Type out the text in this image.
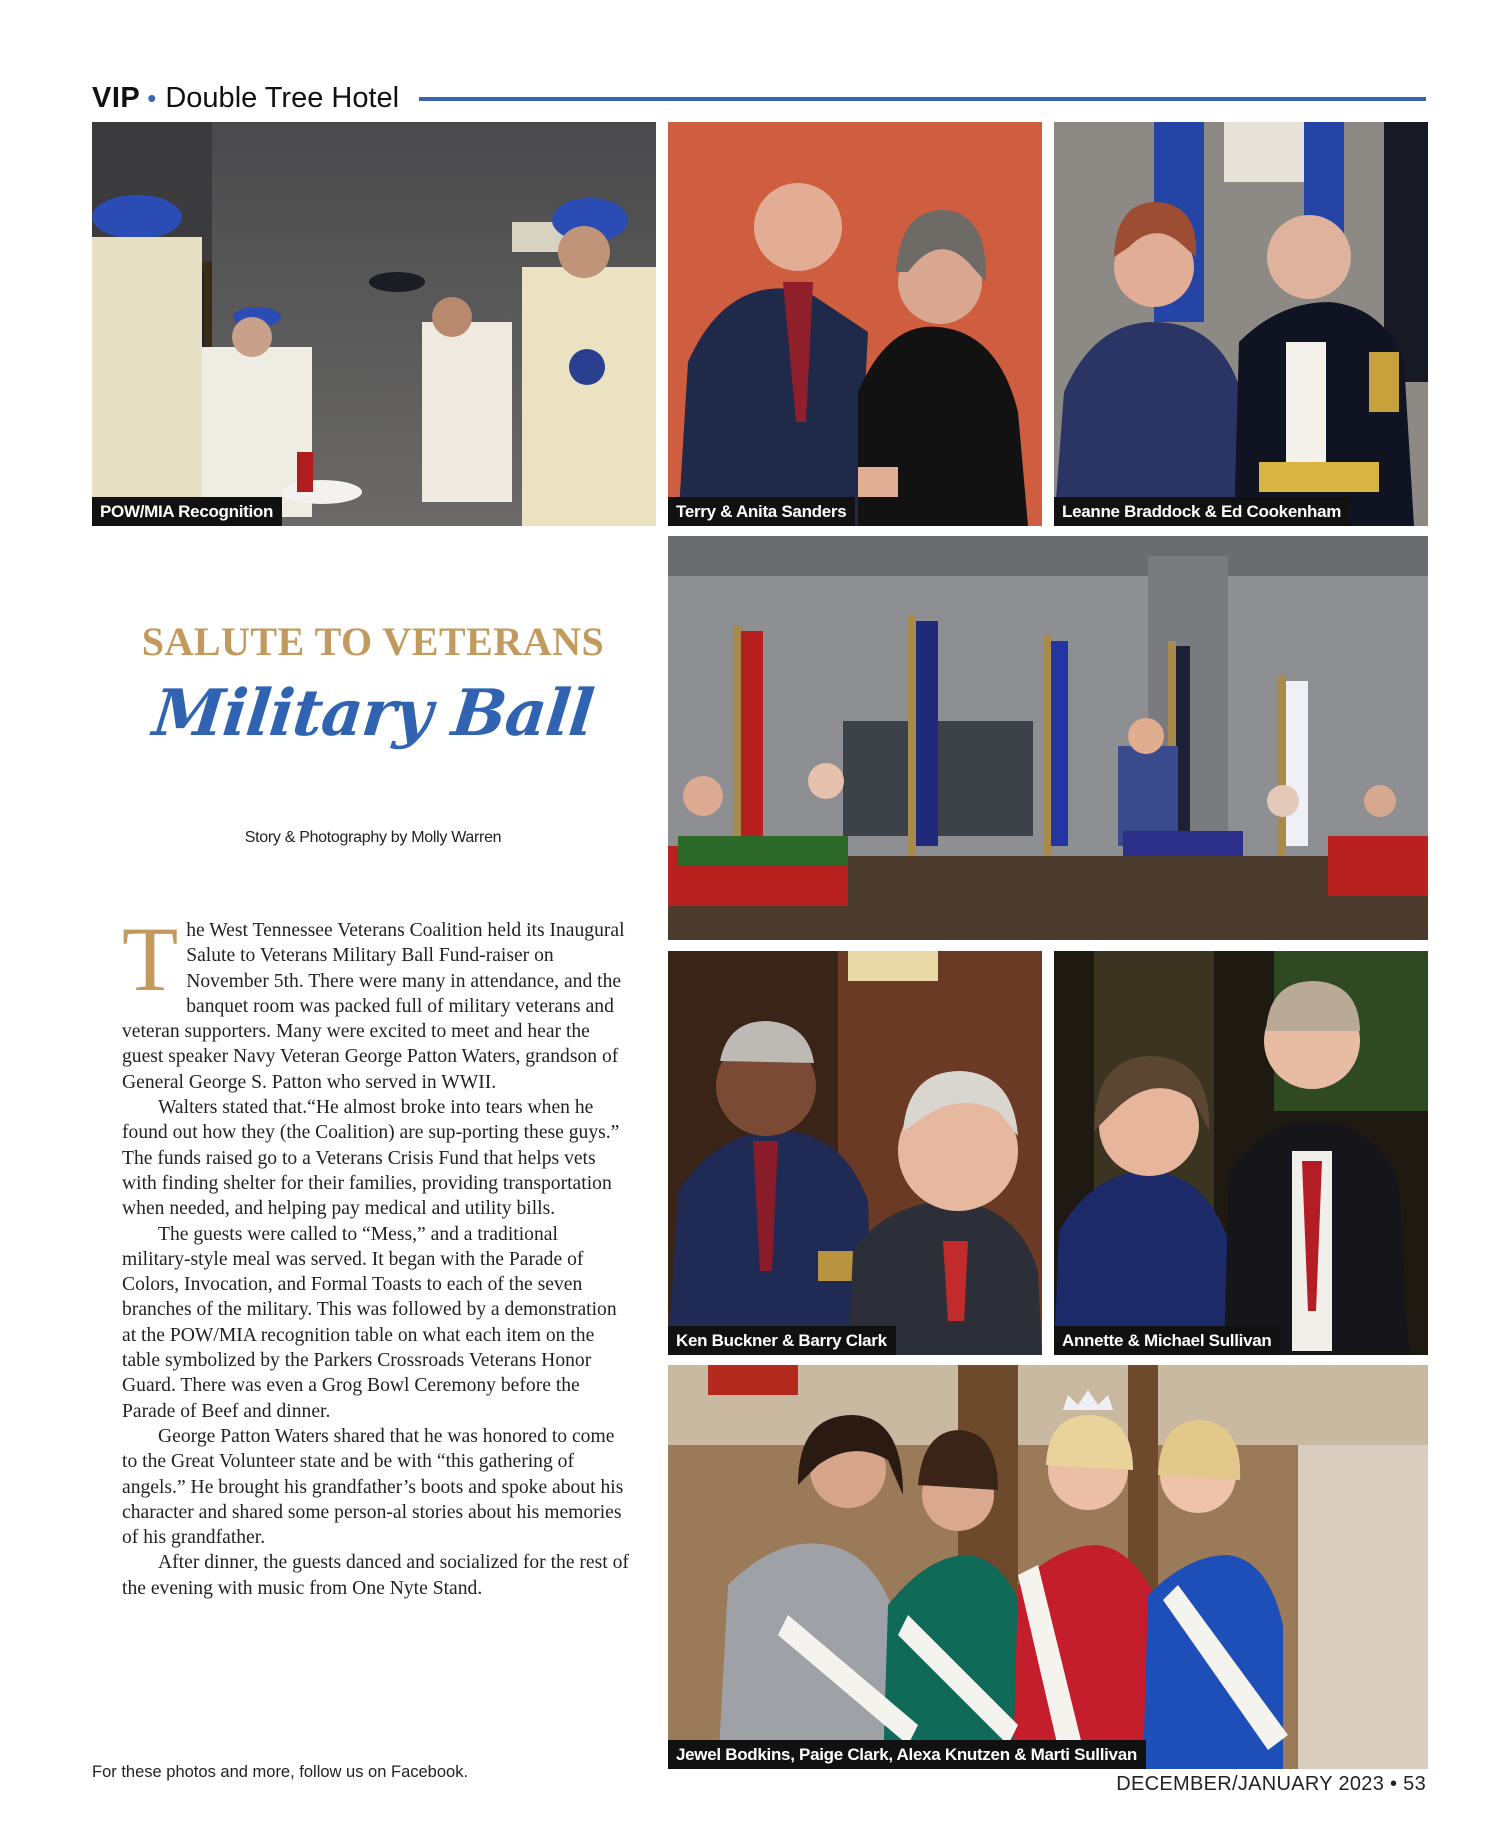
VIP • Double Tree Hotel
POW/MIA Recognition	Terry & Anita Sanders	Leanne Braddock & Ed Cookenham
Ken Buckner & Barry Clark	Annette & Michael Sullivan
Jewel Bodkins, Paige Clark, Alexa Knutzen & Marti Sullivan
SALUTE TO VETERANS
Military Ball
Story & Photography by Molly Warren

The West Tennessee Veterans Coalition held its Inaugural Salute to Veterans Military Ball Fund-raiser on November 5th. There were many in attendance, and the banquet room was packed full of military veterans and veteran supporters. Many were excited to meet and hear the guest speaker Navy Veteran George Patton Waters, grandson of General George S. Patton who served in WWII.

Walters stated that.“He almost broke into tears when he found out how they (the Coalition) are sup-porting these guys.” The funds raised go to a Veterans Crisis Fund that helps vets with finding shelter for their families, providing transportation when needed, and helping pay medical and utility bills.

The guests were called to “Mess,” and a traditional military-style meal was served. It began with the Parade of Colors, Invocation, and Formal Toasts to each of the seven branches of the military. This was followed by a demonstration at the POW/MIA recognition table on what each item on the table symbolized by the Parkers Crossroads Veterans Honor Guard. There was even a Grog Bowl Ceremony before the Parade of Beef and dinner.

George Patton Waters shared that he was honored to come to the Great Volunteer state and be with “this gathering of angels.” He brought his grandfather’s boots and spoke about his character and shared some person-al stories about his memories of his grandfather.

After dinner, the guests danced and socialized for the rest of the evening with music from One Nyte Stand.

For these photos and more, follow us on Facebook.
DECEMBER/JANUARY 2023 • 53
